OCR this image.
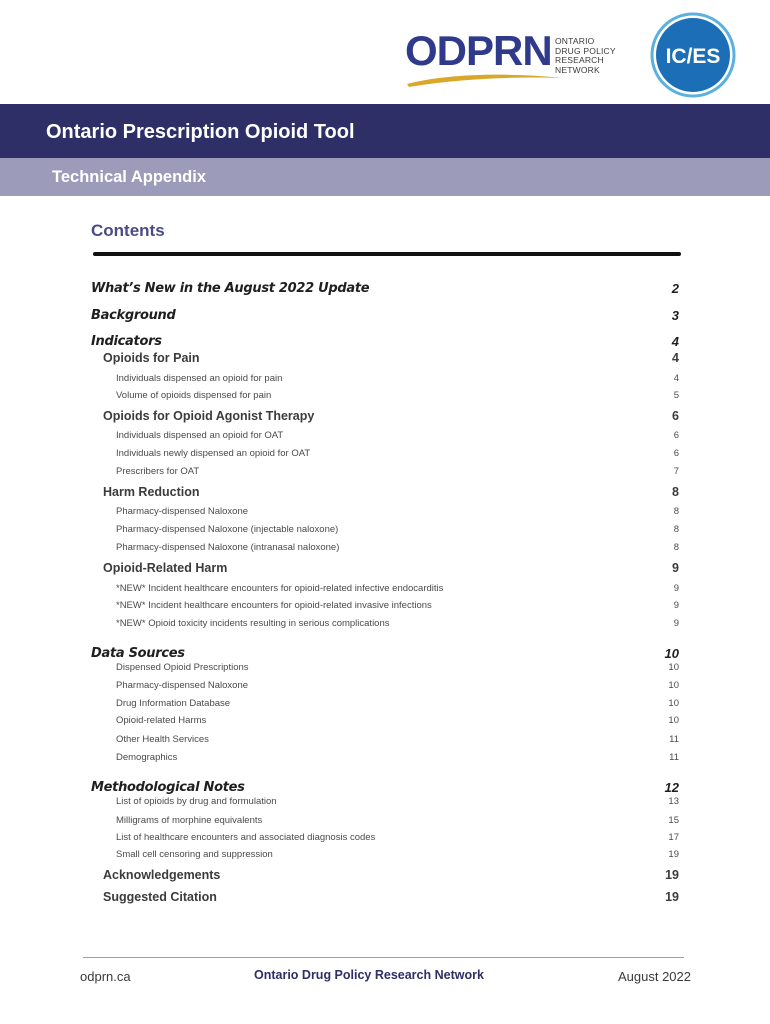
ODPRN ONTARIO
DRUG POLICY
RESEARCH NETWORK
IC/ES
Ontario Prescription Opioid Tool
Technical Appendix
Contents
What’s New in the August 2022 Update	2
Background	3
Indicators	4
Opioids for Pain	4
Individuals dispensed an opioid for pain	4
Volume of opioids dispensed for pain	5
Opioids for Opioid Agonist Therapy	6
Individuals dispensed an opioid for OAT	6
Individuals newly dispensed an opioid for OAT	6
Prescribers for OAT	7
Harm Reduction	8
Pharmacy-dispensed Naloxone	8
Pharmacy-dispensed Naloxone (injectable naloxone)	8
Pharmacy-dispensed Naloxone (intranasal naloxone)	8
Opioid-Related Harm	9
*NEW* Incident healthcare encounters for opioid-related infective endocarditis	9
*NEW* Incident healthcare encounters for opioid-related invasive infections	9
*NEW* Opioid toxicity incidents resulting in serious complications	9
Data Sources	10
Dispensed Opioid Prescriptions	10
Pharmacy-dispensed Naloxone	10
Drug Information Database	10
Opioid-related Harms	10
Other Health Services	11
Demographics	11
Methodological Notes	12
List of opioids by drug and formulation	13
Milligrams of morphine equivalents	15
List of healthcare encounters and associated diagnosis codes	17
Small cell censoring and suppression	19
Acknowledgements	19
Suggested Citation	19
odprn.ca	Ontario Drug Policy Research Network	August 2022
